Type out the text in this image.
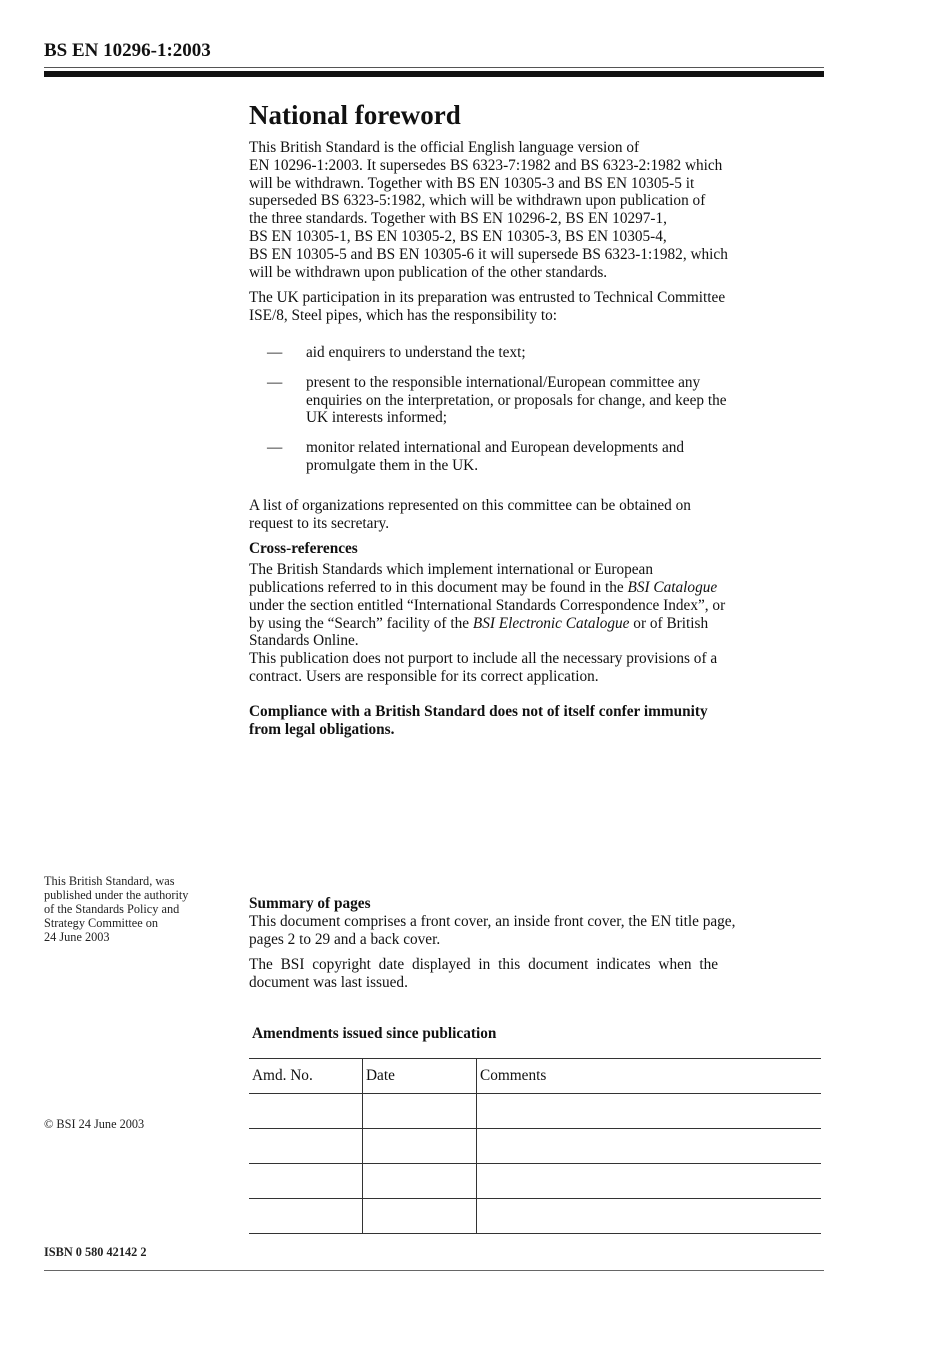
BS EN 10296-1:2003
National foreword

This British Standard is the official English language version of
EN 10296-1:2003. It supersedes BS 6323-7:1982 and BS 6323-2:1982 which
will be withdrawn. Together with BS EN 10305-3 and BS EN 10305-5 it
superseded BS 6323-5:1982, which will be withdrawn upon publication of
the three standards. Together with BS EN 10296-2, BS EN 10297-1,
BS EN 10305-1, BS EN 10305-2, BS EN 10305-3, BS EN 10305-4,
BS EN 10305-5 and BS EN 10305-6 it will supersede BS 6323-1:1982, which
will be withdrawn upon publication of the other standards.

The UK participation in its preparation was entrusted to Technical Committee
ISE/8, Steel pipes, which has the responsibility to:

— aid enquirers to understand the text;
— present to the responsible international/European committee any
enquiries on the interpretation, or proposals for change, and keep the
UK interests informed;
— monitor related international and European developments and
promulgate them in the UK.

A list of organizations represented on this committee can be obtained on
request to its secretary.

Cross-references

The British Standards which implement international or European
publications referred to in this document may be found in the BSI Catalogue
under the section entitled “International Standards Correspondence Index”, or
by using the “Search” facility of the BSI Electronic Catalogue or of British
Standards Online.

This publication does not purport to include all the necessary provisions of a
contract. Users are responsible for its correct application.

Compliance with a British Standard does not of itself confer immunity
from legal obligations.

This British Standard, was
published under the authority
of the Standards Policy and
Strategy Committee on
24 June 2003

Summary of pages

This document comprises a front cover, an inside front cover, the EN title page,
pages 2 to 29 and a back cover.

The BSI copyright date displayed in this document indicates when the
document was last issued.

Amendments issued since publication
Amd. No.	Date	Comments

© BSI 24 June 2003
ISBN 0 580 42142 2
